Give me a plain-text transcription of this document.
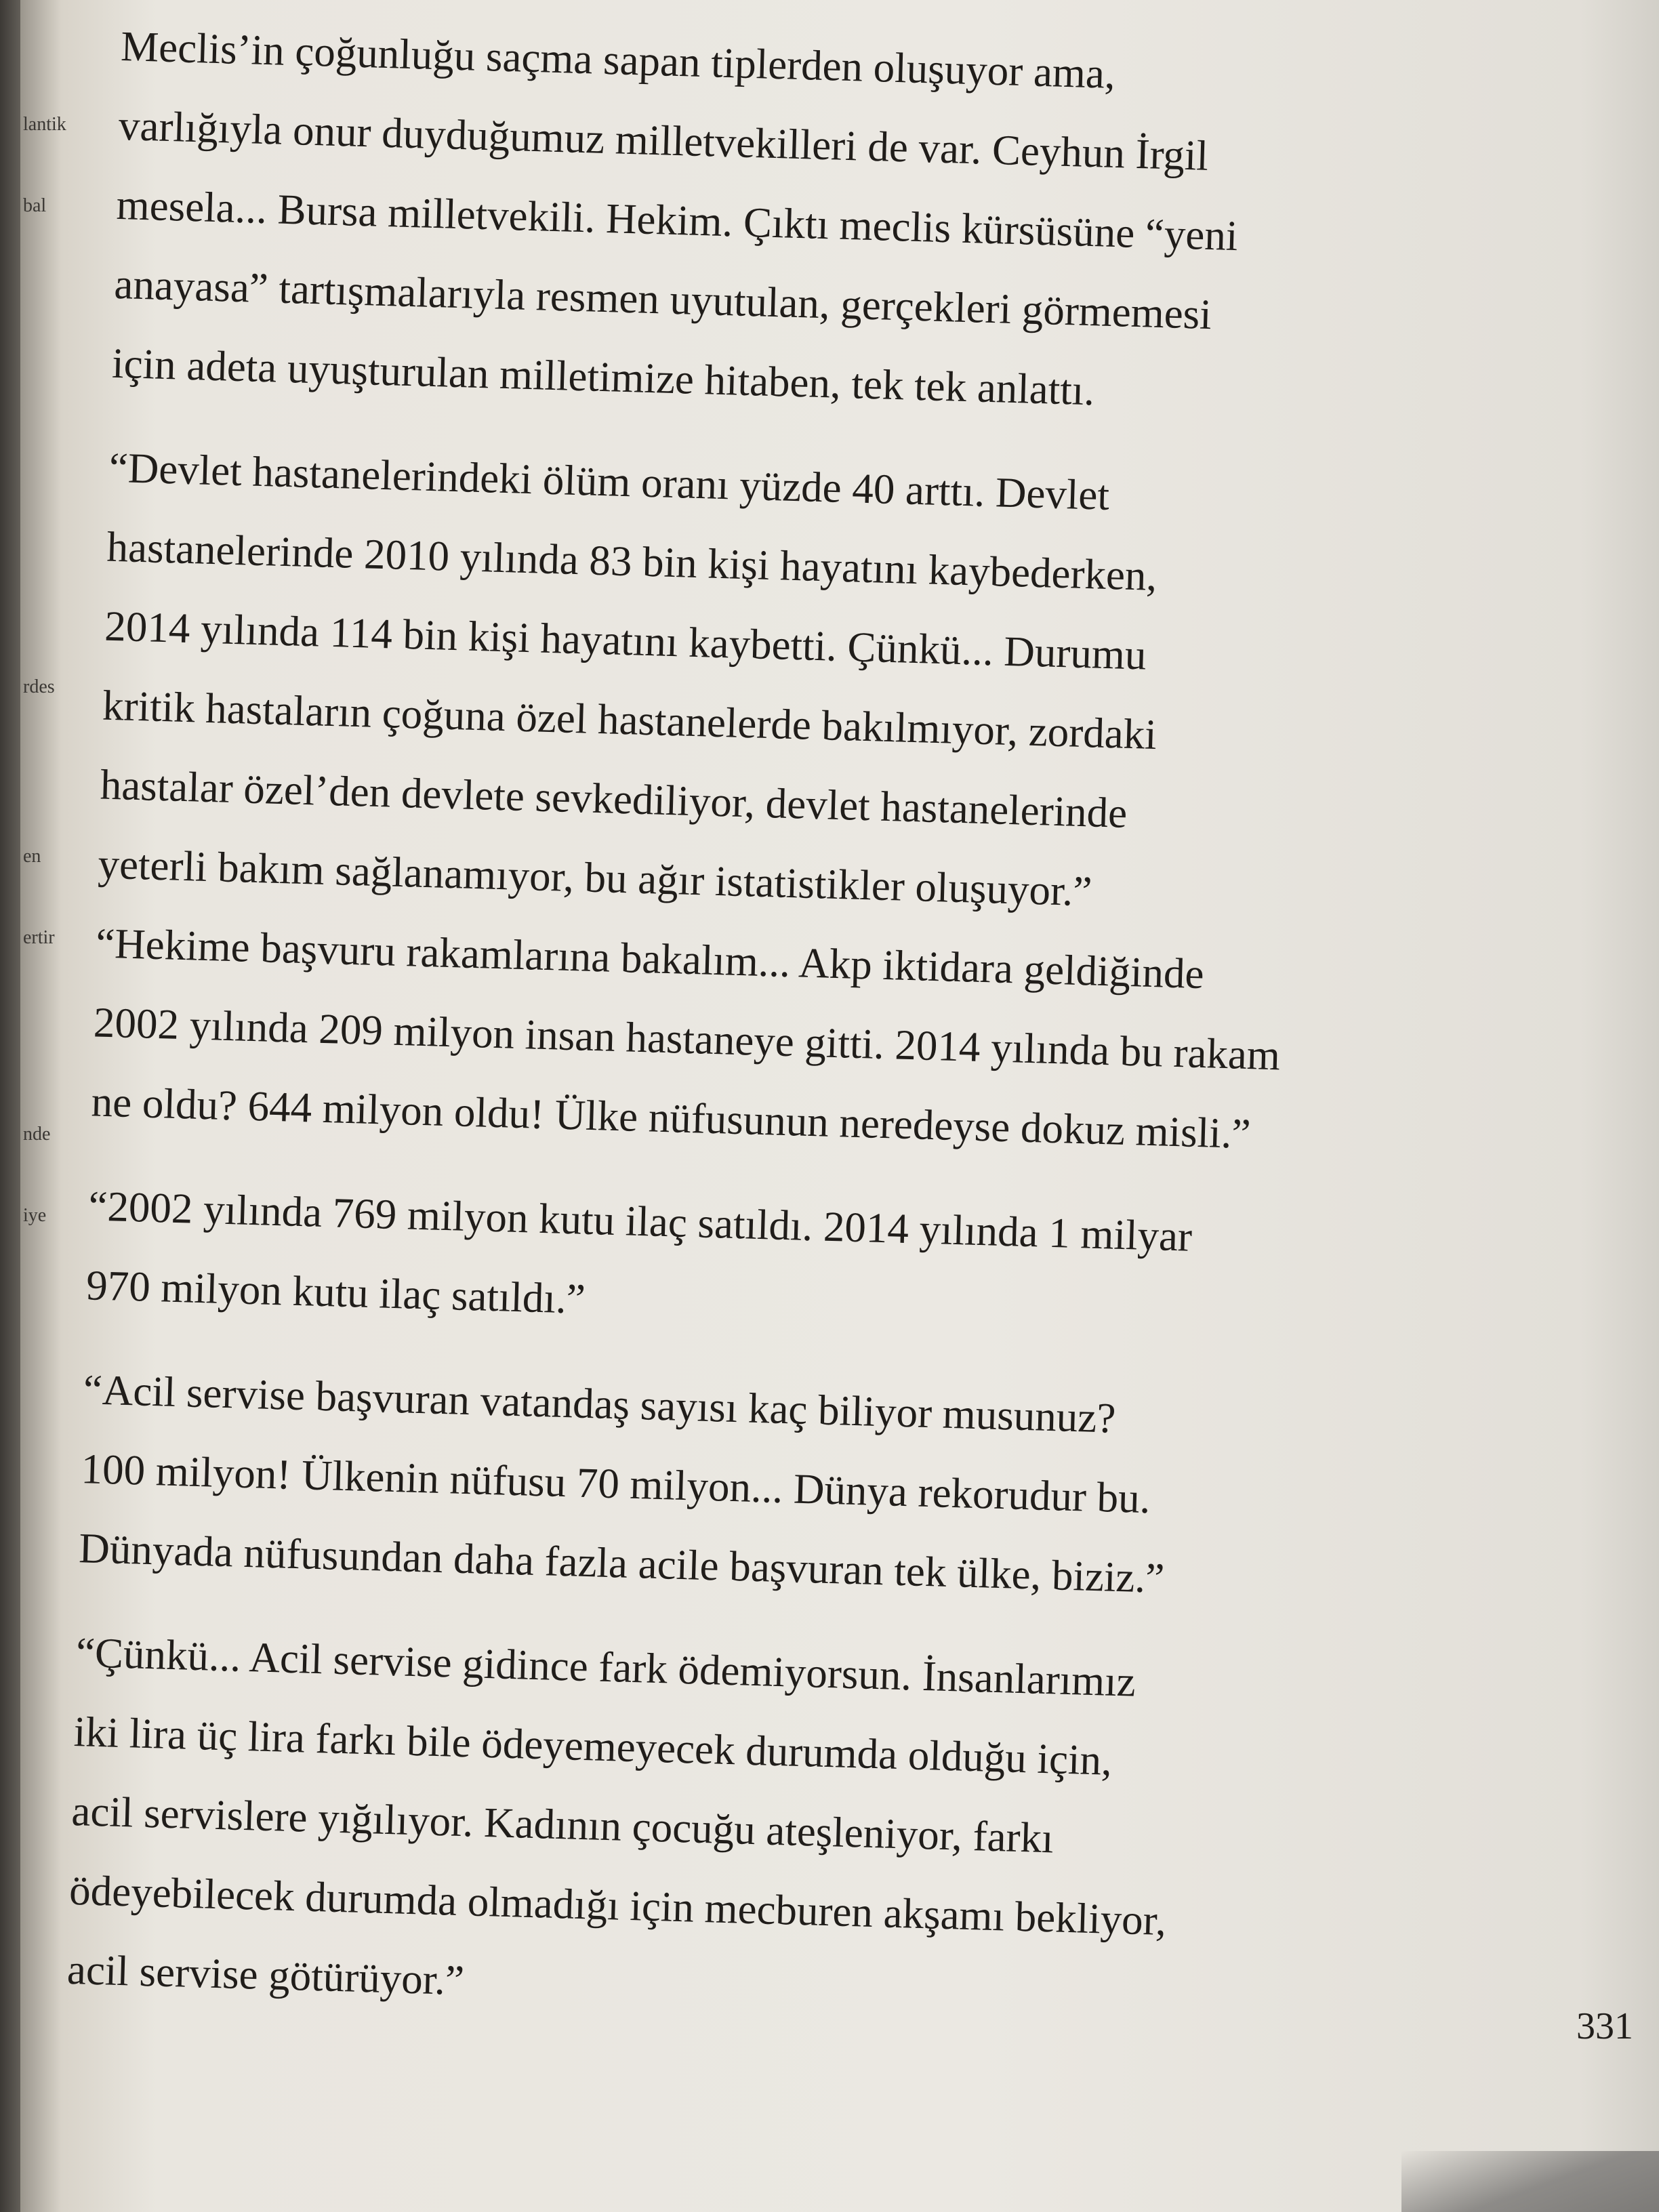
lantik
bal
rdes
en
ertir
nde
iye

Meclis’in çoğunluğu saçma sapan tiplerden oluşuyor ama,
varlığıyla onur duyduğumuz milletvekilleri de var. Ceyhun İrgil
mesela... Bursa milletvekili. Hekim. Çıktı meclis kürsüsüne “yeni
anayasa” tartışmalarıyla resmen uyutulan, gerçekleri görmemesi
için adeta uyuşturulan milletimize hitaben, tek tek anlattı.

“Devlet hastanelerindeki ölüm oranı yüzde 40 arttı. Devlet
hastanelerinde 2010 yılında 83 bin kişi hayatını kaybederken,
2014 yılında 114 bin kişi hayatını kaybetti. Çünkü... Durumu
kritik hastaların çoğuna özel hastanelerde bakılmıyor, zordaki
hastalar özel’den devlete sevkediliyor, devlet hastanelerinde
yeterli bakım sağlanamıyor, bu ağır istatistikler oluşuyor.”

“Hekime başvuru rakamlarına bakalım... Akp iktidara geldiğinde
2002 yılında 209 milyon insan hastaneye gitti. 2014 yılında bu rakam
ne oldu? 644 milyon oldu! Ülke nüfusunun neredeyse dokuz misli.”

“2002 yılında 769 milyon kutu ilaç satıldı. 2014 yılında 1 milyar
970 milyon kutu ilaç satıldı.”

“Acil servise başvuran vatandaş sayısı kaç biliyor musunuz?
100 milyon! Ülkenin nüfusu 70 milyon... Dünya rekorudur bu.
Dünyada nüfusundan daha fazla acile başvuran tek ülke, biziz.”

“Çünkü... Acil servise gidince fark ödemiyorsun. İnsanlarımız
iki lira üç lira farkı bile ödeyemeyecek durumda olduğu için,
acil servislere yığılıyor. Kadının çocuğu ateşleniyor, farkı
ödeyebilecek durumda olmadığı için mecburen akşamı bekliyor,
acil servise götürüyor.”

331
